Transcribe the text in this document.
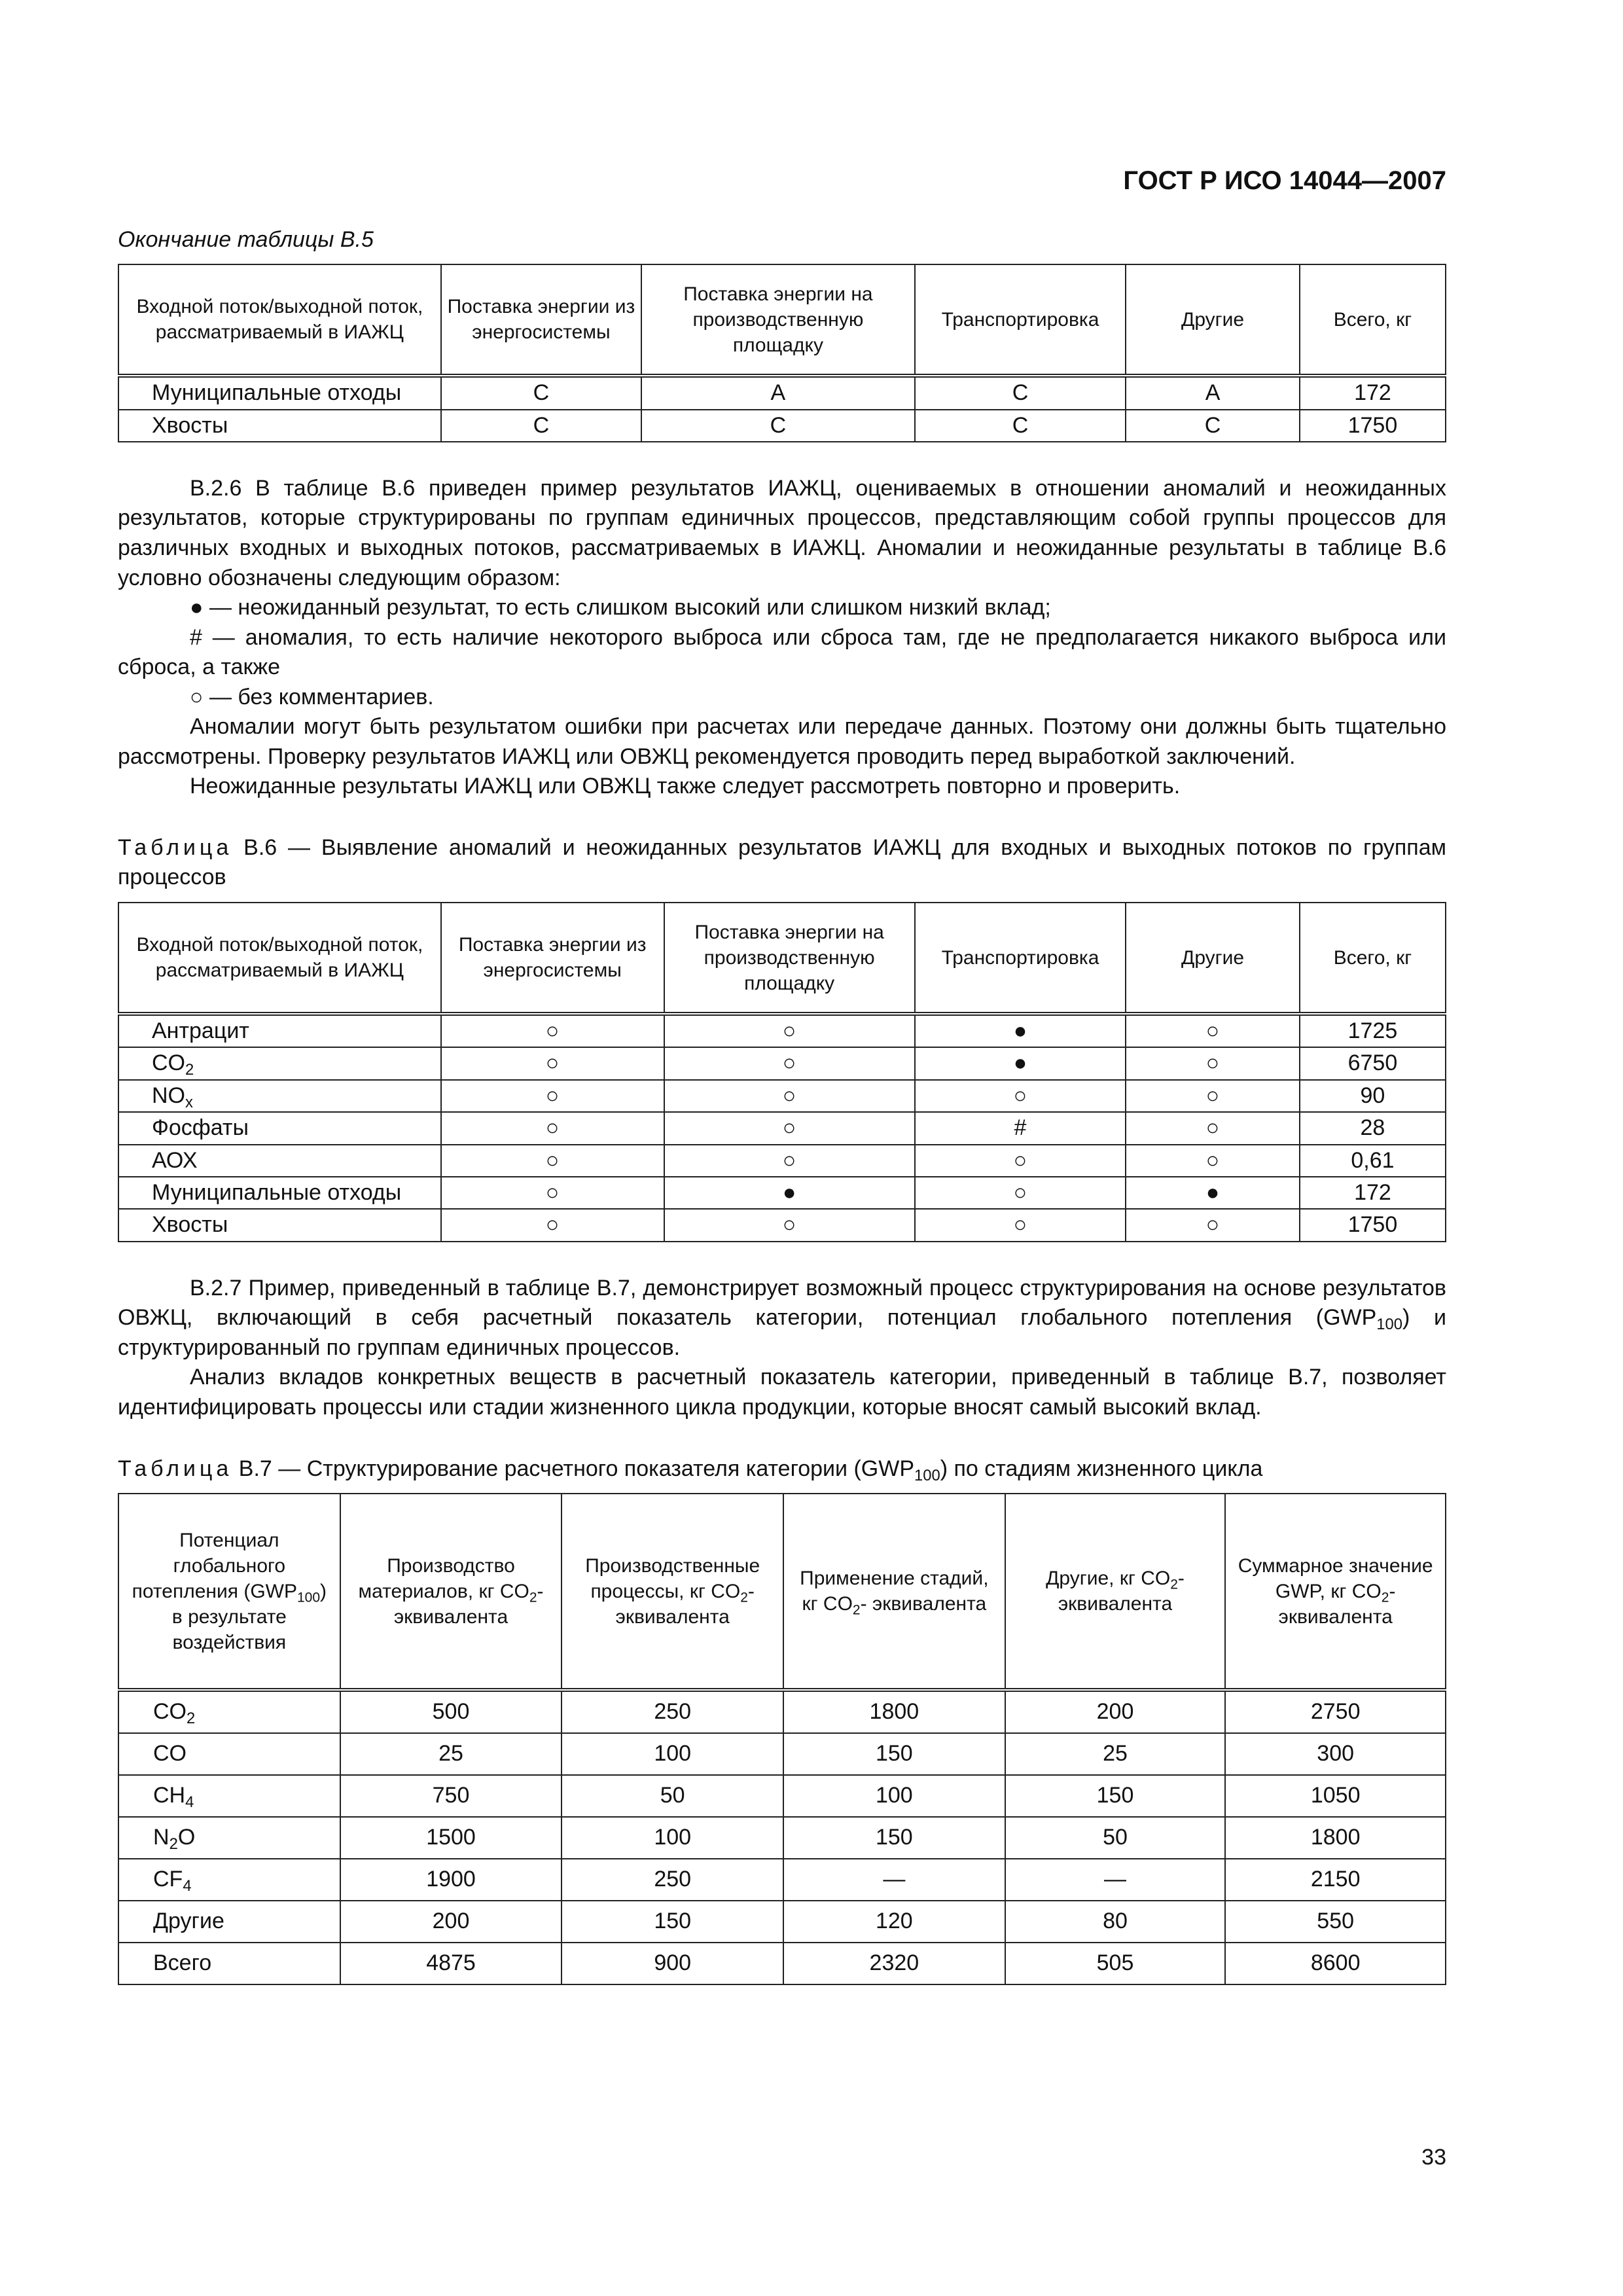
ГОСТ Р ИСО 14044—2007
Окончание таблицы В.5
Входной поток/выходной поток, рассматриваемый в ИАЖЦ	Поставка энергии из энергосистемы	Поставка энергии на производственную площадку	Транспортировка	Другие	Всего, кг
Муниципальные отходы	C	A	C	A	172
Хвосты	C	C	C	C	1750

В.2.6 В таблице В.6 приведен пример результатов ИАЖЦ, оцениваемых в отношении аномалий и неожиданных результатов, которые структурированы по группам единичных процессов, представляющим собой группы процессов для различных входных и выходных потоков, рассматриваемых в ИАЖЦ. Аномалии и неожиданные результаты в таблице В.6 условно обозначены следующим образом:

● — неожиданный результат, то есть слишком высокий или слишком низкий вклад;

# — аномалия, то есть наличие некоторого выброса или сброса там, где не предполагается никакого выброса или сброса, а также

○ — без комментариев.

Аномалии могут быть результатом ошибки при расчетах или передаче данных. Поэтому они должны быть тщательно рассмотрены. Проверку результатов ИАЖЦ или ОВЖЦ рекомендуется проводить перед выработкой заключений.

Неожиданные результаты ИАЖЦ или ОВЖЦ также следует рассмотреть повторно и проверить.

Таблица В.6 — Выявление аномалий и неожиданных результатов ИАЖЦ для входных и выходных потоков по группам процессов
Входной поток/выходной поток, рассматриваемый в ИАЖЦ	Поставка энергии из энергосистемы	Поставка энергии на производственную площадку	Транспортировка	Другие	Всего, кг
Антрацит	○	○	●	○	1725
$CO_2$	○	○	●	○	6750
$NO_x$	○	○	○	○	90
Фосфаты	○	○	#	○	28
АОХ	○	○	○	○	0,61
Муниципальные отходы	○	●	○	●	172
Хвосты	○	○	○	○	1750

В.2.7 Пример, приведенный в таблице В.7, демонстрирует возможный процесс структурирования на основе результатов ОВЖЦ, включающий в себя расчетный показатель категории, потенциал глобального потепления $(GWP_{100})$ и структурированный по группам единичных процессов.

Анализ вкладов конкретных веществ в расчетный показатель категории, приведенный в таблице В.7, позволяет идентифицировать процессы или стадии жизненного цикла продукции, которые вносят самый высокий вклад.

Таблица В.7 — Структурирование расчетного показателя категории $(GWP_{100})$ по стадиям жизненного цикла
Потенциал глобального потепления $(GWP_{100})$ в результате воздействия	Производство материалов, кг $CO_2-$ эквивалента	Производственные процессы, кг $CO_2-$ эквивалента	Применение стадий, кг $CO_2-$ эквивалента	Другие, кг $CO_2-$ эквивалента	Суммарное значение GWP, кг $CO_2-$ эквивалента
$CO_2$	500	250	1800	200	2750
CO	25	100	150	25	300
$CH_4$	750	50	100	150	1050
$N_2O$	1500	100	150	50	1800
$CF_4$	1900	250	—	—	2150
Другие	200	150	120	80	550
Всего	4875	900	2320	505	8600
33
